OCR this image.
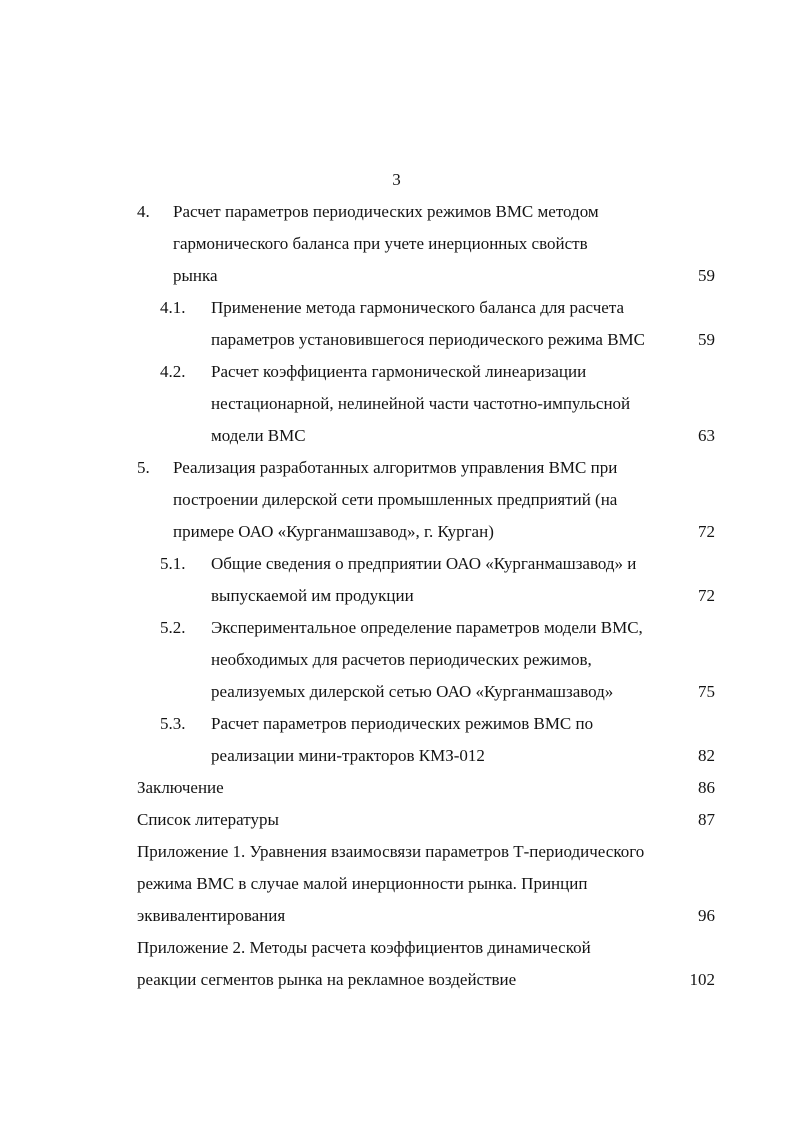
3
4. Расчет параметров периодических режимов ВМС методом
гармонического баланса при учете инерционных свойств
рынка	59
4.1. Применение метода гармонического баланса для расчета
параметров установившегося периодического режима ВМС	59
4.2. Расчет коэффициента гармонической линеаризации
нестационарной, нелинейной части частотно-импульсной
модели ВМС	63
5. Реализация разработанных алгоритмов управления ВМС при
построении дилерской сети промышленных предприятий (на
примере ОАО «Курганмашзавод», г. Курган)	72
5.1. Общие сведения о предприятии ОАО «Курганмашзавод» и
выпускаемой им продукции	72
5.2. Экспериментальное определение параметров модели ВМС,
необходимых для расчетов периодических режимов,
реализуемых дилерской сетью ОАО «Курганмашзавод»	75
5.3. Расчет параметров периодических режимов ВМС по
реализации мини-тракторов КМЗ-012	82
Заключение	86
Список литературы	87
Приложение 1. Уравнения взаимосвязи параметров Т-периодического
режима ВМС в случае малой инерционности рынка. Принцип
эквивалентирования	96
Приложение 2. Методы расчета коэффициентов динамической
реакции сегментов рынка на рекламное воздействие	102
